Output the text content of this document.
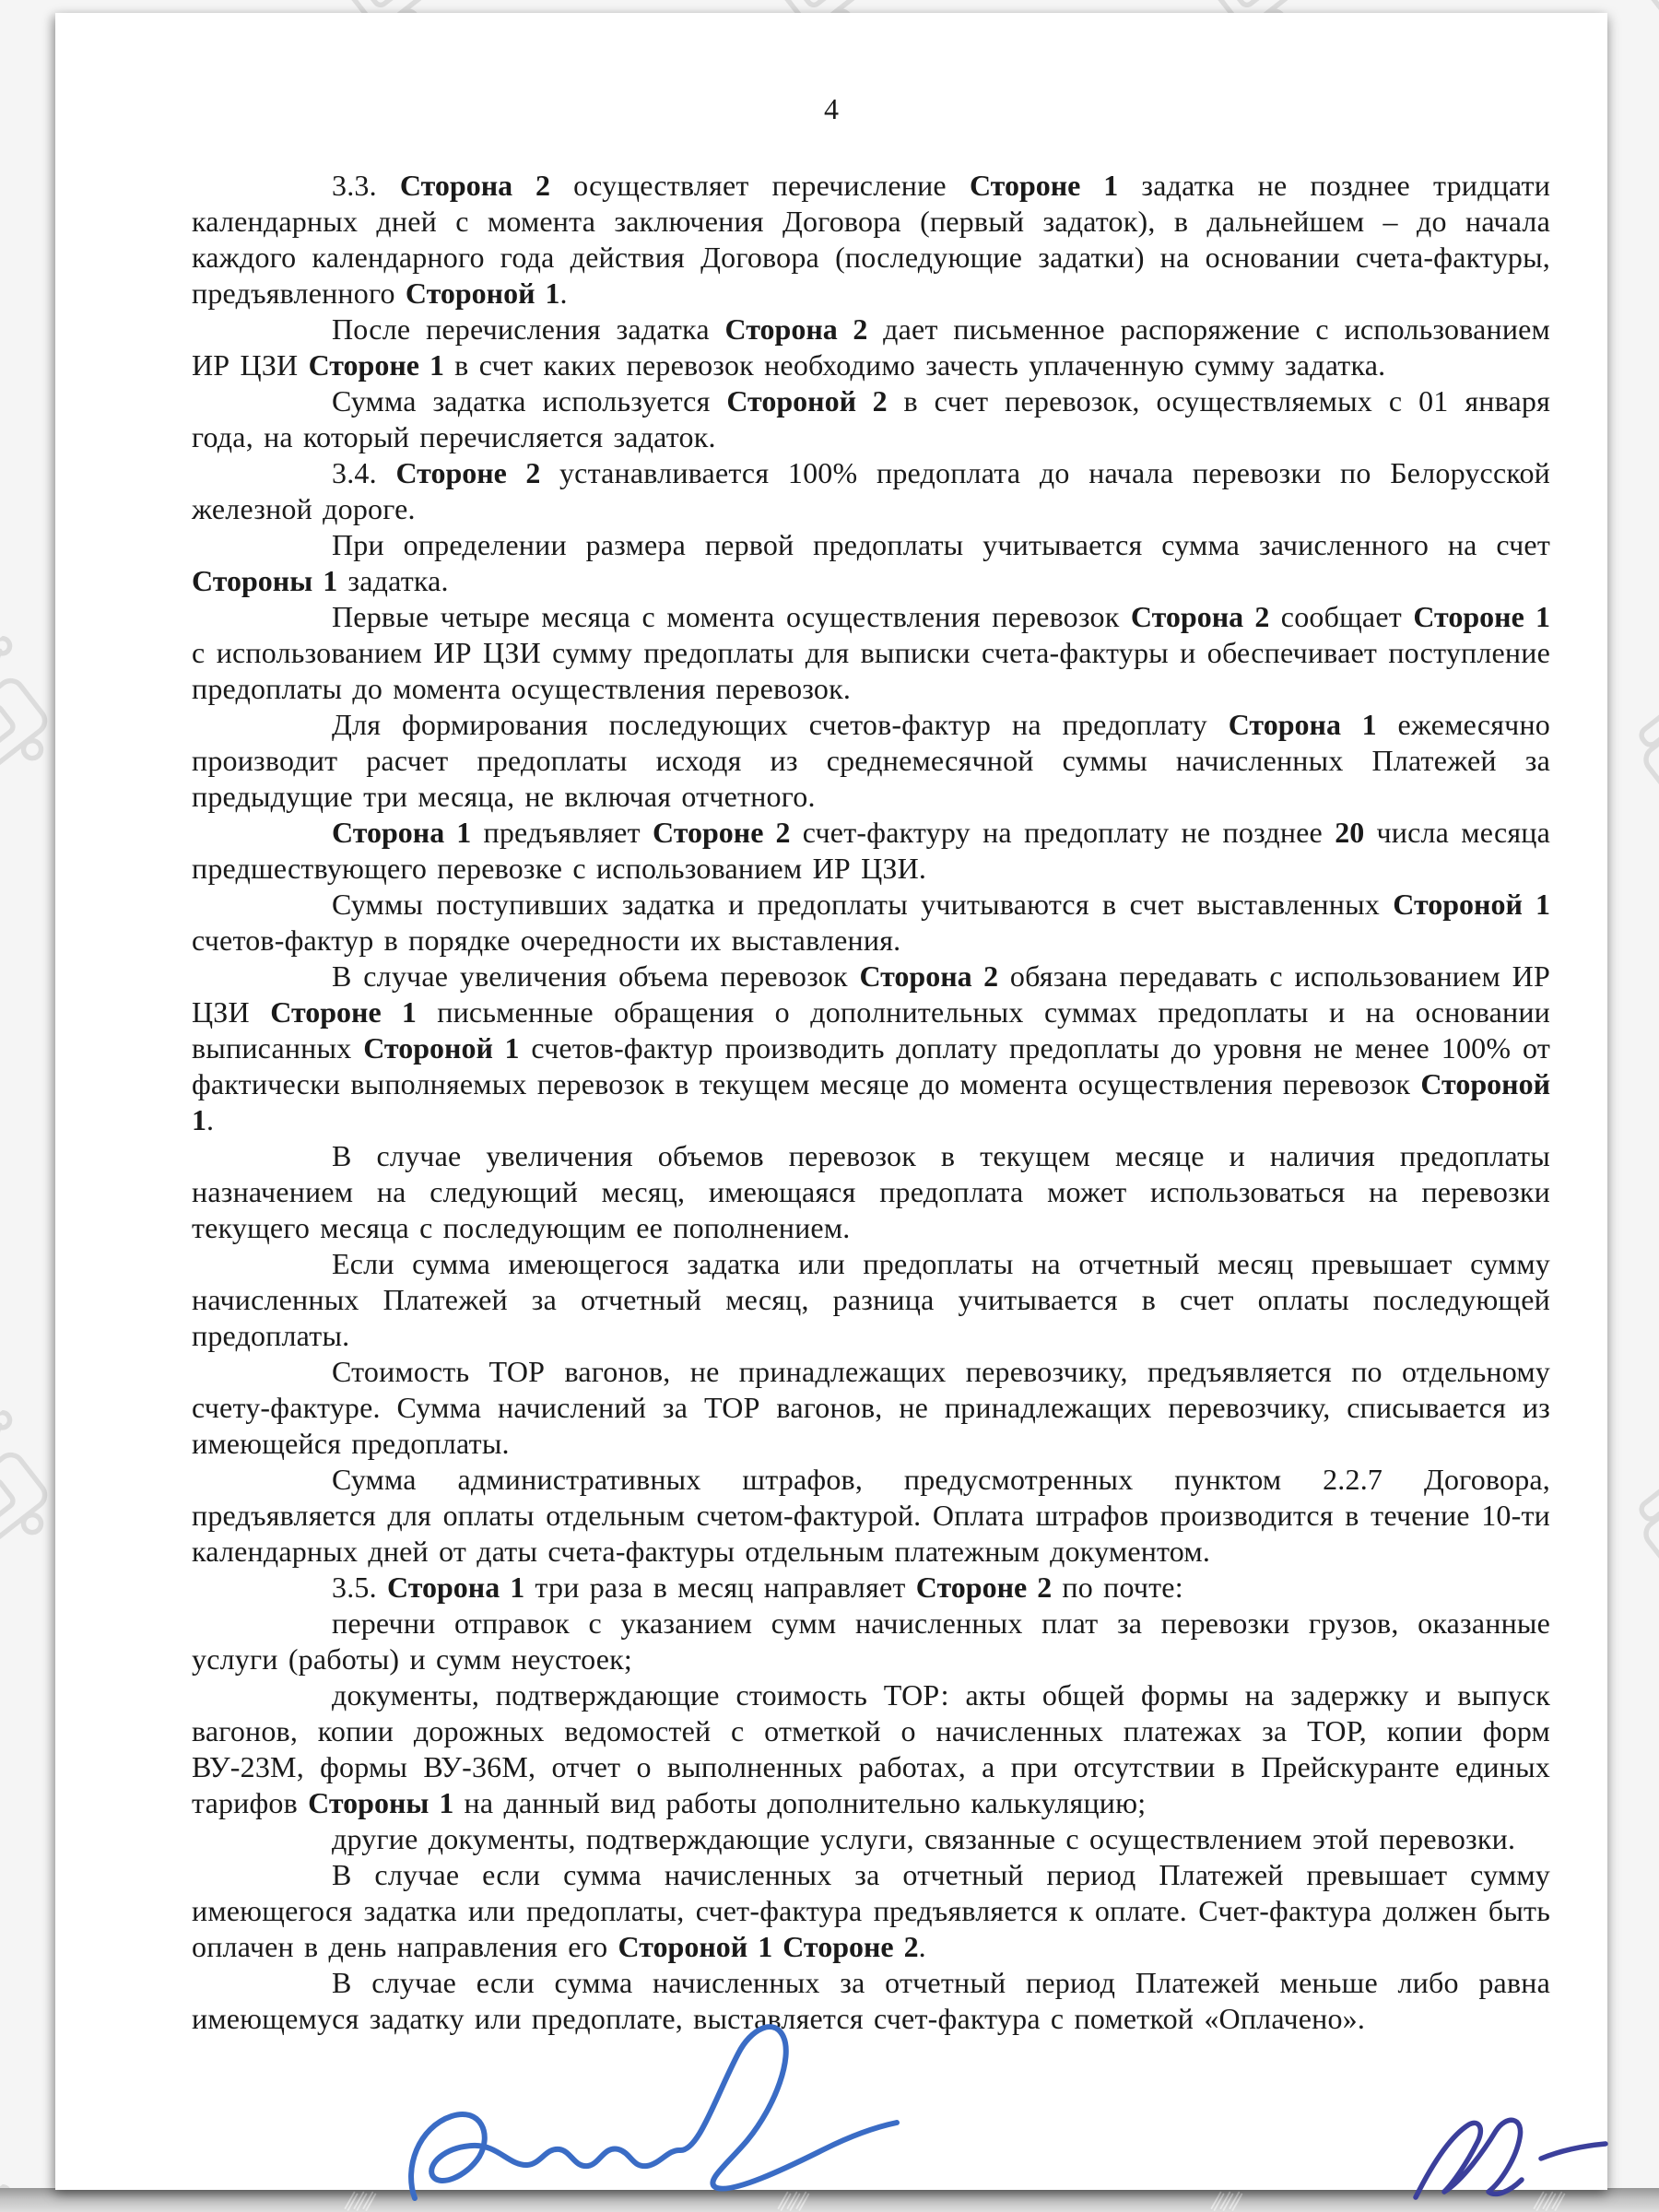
4

3.3. Сторона 2 осуществляет перечисление Стороне 1 задатка не позднее тридцати календарных дней с момента заключения Договора (первый задаток), в дальнейшем – до начала каждого календарного года действия Договора (последующие задатки) на основании счета-фактуры, предъявленного Стороной 1.

После перечисления задатка Сторона 2 дает письменное распоряжение с использованием ИР ЦЗИ Стороне 1 в счет каких перевозок необходимо зачесть уплаченную сумму задатка.

Сумма задатка используется Стороной 2 в счет перевозок, осуществляемых с 01 января года, на который перечисляется задаток.

3.4. Стороне 2 устанавливается 100% предоплата до начала перевозки по Белорусской железной дороге.

При определении размера первой предоплаты учитывается сумма зачисленного на счет Стороны 1 задатка.

Первые четыре месяца с момента осуществления перевозок Сторона 2 сообщает Стороне 1 с использованием ИР ЦЗИ сумму предоплаты для выписки счета-фактуры и обеспечивает поступление предоплаты до момента осуществления перевозок.

Для формирования последующих счетов-фактур на предоплату Сторона 1 ежемесячно производит расчет предоплаты исходя из среднемесячной суммы начисленных Платежей за предыдущие три месяца, не включая отчетного.

Сторона 1 предъявляет Стороне 2 счет-фактуру на предоплату не позднее 20 числа месяца предшествующего перевозке с использованием ИР ЦЗИ.

Суммы поступивших задатка и предоплаты учитываются в счет выставленных Стороной 1 счетов-фактур в порядке очередности их выставления.

В случае увеличения объема перевозок Сторона 2 обязана передавать с использованием ИР ЦЗИ Стороне 1 письменные обращения о дополнительных суммах предоплаты и на основании выписанных Стороной 1 счетов-фактур производить доплату предоплаты до уровня не менее 100% от фактически выполняемых перевозок в текущем месяце до момента осуществления перевозок Стороной 1.

В случае увеличения объемов перевозок в текущем месяце и наличия предоплаты назначением на следующий месяц, имеющаяся предоплата может использоваться на перевозки текущего месяца с последующим ее пополнением.

Если сумма имеющегося задатка или предоплаты на отчетный месяц превышает сумму начисленных Платежей за отчетный месяц, разница учитывается в счет оплаты последующей предоплаты.

Стоимость ТОР вагонов, не принадлежащих перевозчику, предъявляется по отдельному счету-фактуре. Сумма начислений за ТОР вагонов, не принадлежащих перевозчику, списывается из имеющейся предоплаты.

Сумма административных штрафов, предусмотренных пунктом 2.2.7 Договора, предъявляется для оплаты отдельным счетом-фактурой. Оплата штрафов производится в течение 10-ти календарных дней от даты счета-фактуры отдельным платежным документом.

3.5. Сторона 1 три раза в месяц направляет Стороне 2 по почте:

перечни отправок с указанием сумм начисленных плат за перевозки грузов, оказанные услуги (работы) и сумм неустоек;

документы, подтверждающие стоимость ТОР: акты общей формы на задержку и выпуск вагонов, копии дорожных ведомостей с отметкой о начисленных платежах за ТОР, копии форм ВУ-23М, формы ВУ-36М, отчет о выполненных работах, а при отсутствии в Прейскуранте единых тарифов Стороны 1 на данный вид работы дополнительно калькуляцию;

другие документы, подтверждающие услуги, связанные с осуществлением этой перевозки.

В случае если сумма начисленных за отчетный период Платежей превышает сумму имеющегося задатка или предоплаты, счет-фактура предъявляется к оплате. Счет-фактура должен быть оплачен в день направления его Стороной 1 Стороне 2.

В случае если сумма начисленных за отчетный период Платежей меньше либо равна имеющемуся задатку или предоплате, выставляется счет-фактура с пометкой «Оплачено».
